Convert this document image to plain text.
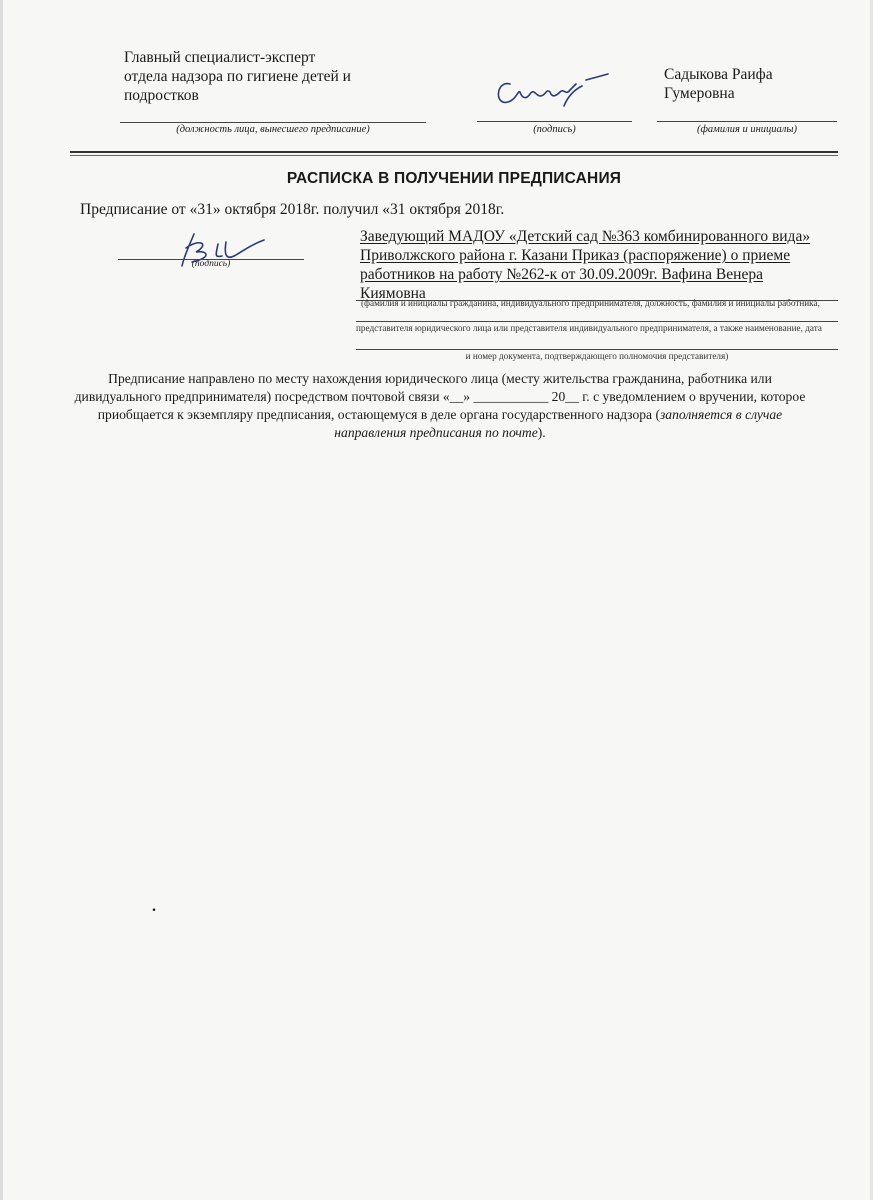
Главный специалист-эксперт
отдела надзора по гигиене детей и
подростков
Садыкова Раифа
Гумеровна
(должность лица, вынесшего предписание)	(подпись)	(фамилия и инициалы)
РАСПИСКА В ПОЛУЧЕНИИ ПРЕДПИСАНИЯ
Предписание от «31» октября 2018г. получил «31 октября 2018г.
(подпись)
Заведующий МАДОУ «Детский сад №363 комбинированного вида»
Приволжского района г. Казани Приказ (распоряжение) о приеме
работников на работу №262-к от 30.09.2009г. Вафина Венера
Киямовна
(фамилия и инициалы гражданина, индивидуального предпринимателя, должность, фамилия и инициалы работника,
представителя юридического лица или представителя индивидуального предпринимателя, а также наименование, дата
и номер документа, подтверждающего полномочия представителя)
Предписание направлено по месту нахождения юридического лица (месту жительства гражданина, работника или
дивидуального предпринимателя) посредством почтовой связи «__» ___________ 20__ г. с уведомлением о вручении, которое
приобщается к экземпляру предписания, остающемуся в деле органа государственного надзора (заполняется в случае
направления предписания по почте).
.
